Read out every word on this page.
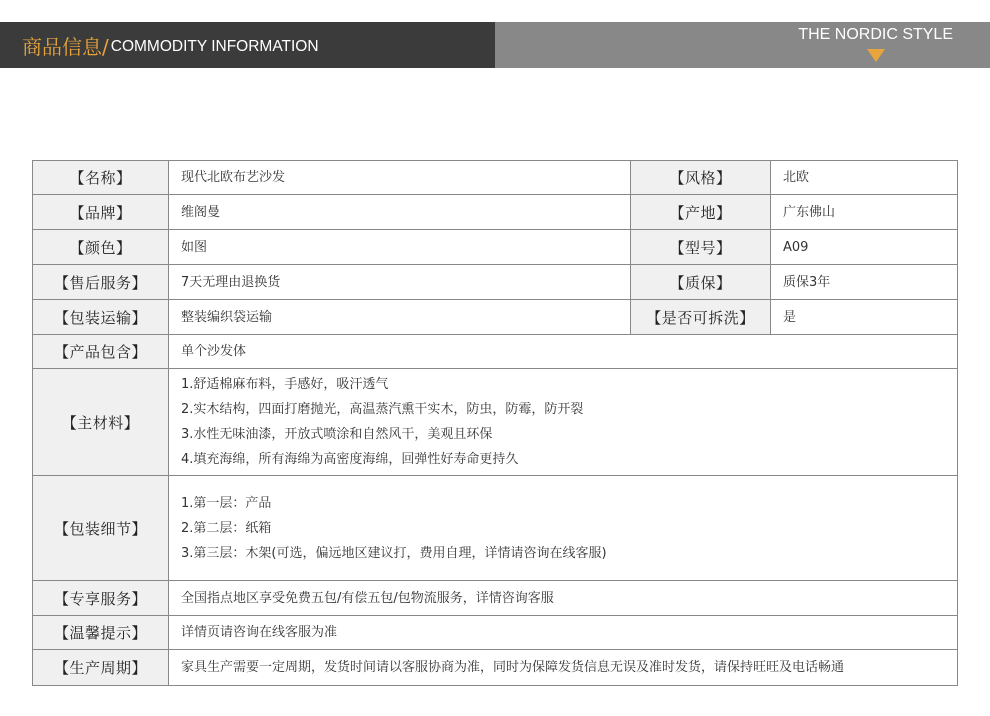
商品信息/ COMMODITY INFORMATION
THE NORDIC STYLE
【名称】	现代北欧布艺沙发	【风格】	北欧
【品牌】	维阁曼	【产地】	广东佛山
【颜色】	如图	【型号】	A09
【售后服务】	7天无理由退换货	【质保】	质保3年
【包装运输】	整装编织袋运输	【是否可拆洗】	是
【产品包含】	单个沙发体		
【主材料】	1.舒适棉麻布料，手感好，吸汗透气
2.实木结构，四面打磨抛光，高温蒸汽熏干实木，防虫，防霉，防开裂
3.水性无味油漆，开放式喷涂和自然风干，美观且环保
4.填充海绵，所有海绵为高密度海绵，回弹性好寿命更持久		

【包装细节】	1.第一层：产品
2.第二层：纸箱
3.第三层：木架(可选，偏远地区建议打，费用自理，详情请咨询在线客服)		

【专享服务】	全国指点地区享受免费五包/有偿五包/包物流服务，详情咨询客服		
【温馨提示】	详情页请咨询在线客服为准		
【生产周期】	家具生产需要一定周期，发货时间请以客服协商为准，同时为保障发货信息无误及准时发货，请保持旺旺及电话畅通		
